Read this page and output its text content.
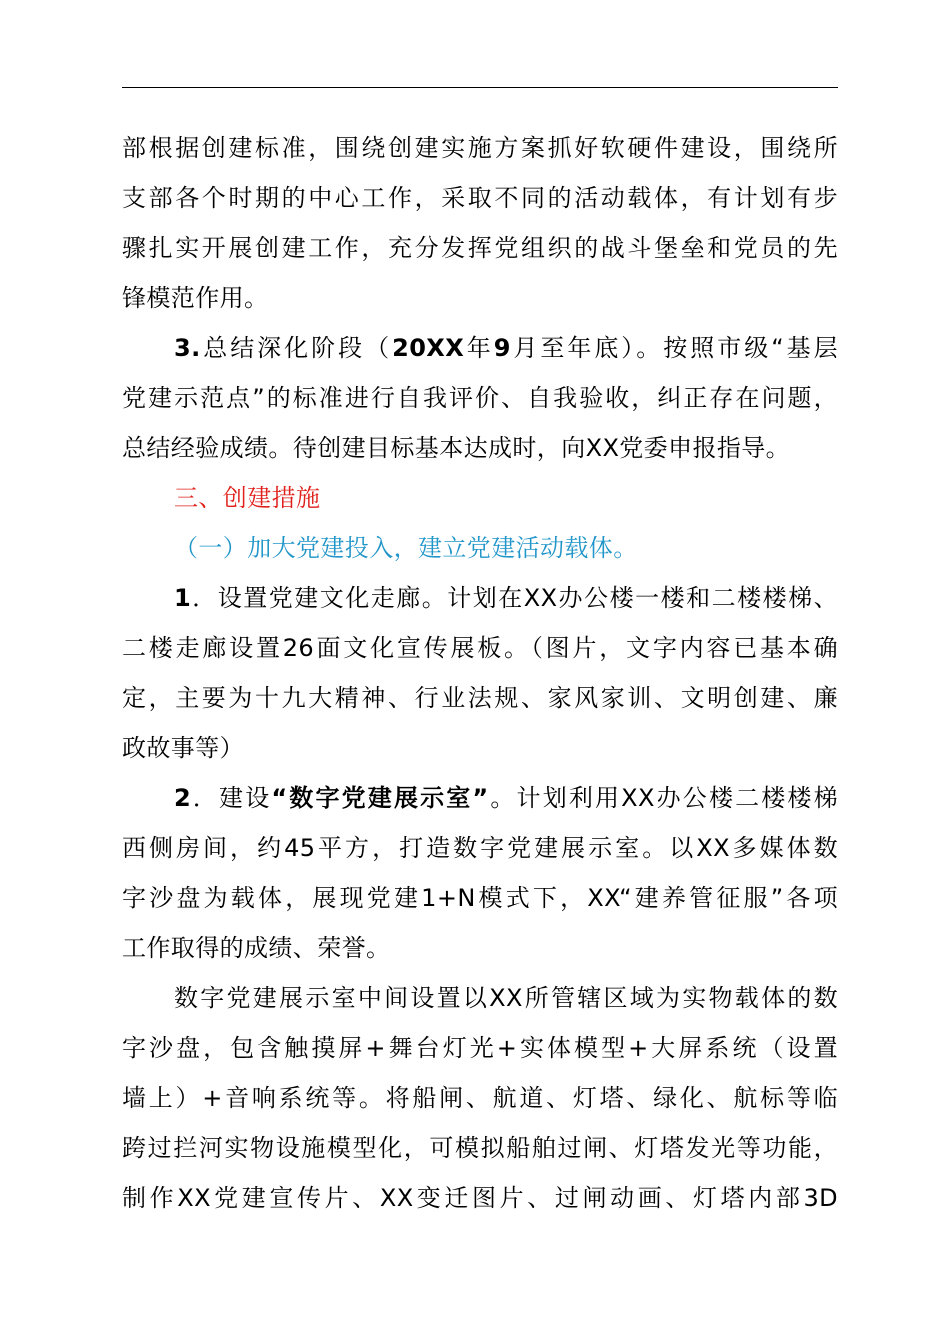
部根据创建标准，围绕创建实施方案抓好软硬件建设，围绕所
支部各个时期的中心工作，采取不同的活动载体，有计划有步
骤扎实开展创建工作，充分发挥党组织的战斗堡垒和党员的先
锋模范作用。
3.总结深化阶段（20XX年9月至年底）。按照市级“基层
党建示范点”的标准进行自我评价、自我验收，纠正存在问题，
总结经验成绩。待创建目标基本达成时，向XX党委申报指导。
三、创建措施
（一）加大党建投入，建立党建活动载体。
1．设置党建文化走廊。计划在XX办公楼一楼和二楼楼梯、
二楼走廊设置26面文化宣传展板。（图片，文字内容已基本确
定，主要为十九大精神、行业法规、家风家训、文明创建、廉
政故事等）
2．建设“数字党建展示室”。计划利用XX办公楼二楼楼梯
西侧房间，约45平方，打造数字党建展示室。以XX多媒体数
字沙盘为载体，展现党建1+N模式下，XX“建养管征服”各项
工作取得的成绩、荣誉。
数字党建展示室中间设置以XX所管辖区域为实物载体的数
字沙盘，包含触摸屏+舞台灯光+实体模型+大屏系统（设置
墙上）+音响系统等。将船闸、航道、灯塔、绿化、航标等临
跨过拦河实物设施模型化，可模拟船舶过闸、灯塔发光等功能，
制作XX党建宣传片、XX变迁图片、过闸动画、灯塔内部3D
